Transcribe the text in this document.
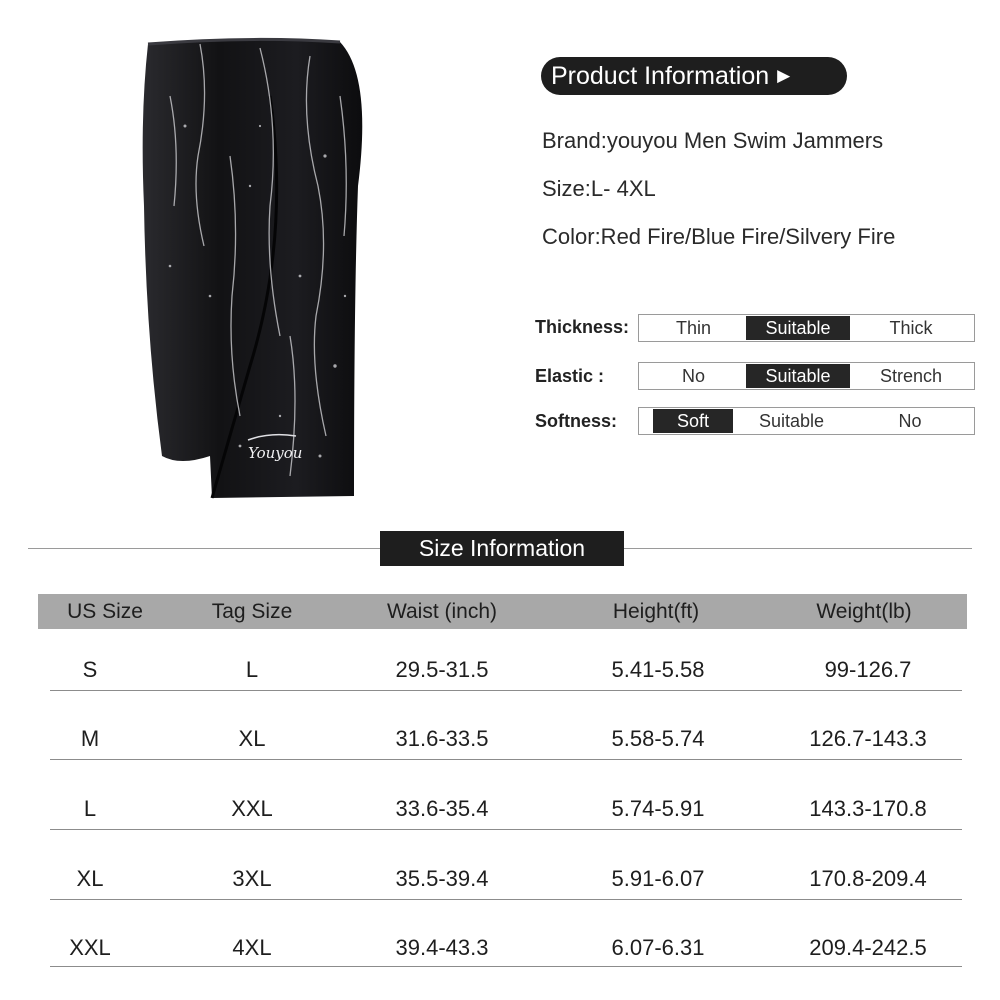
Youyou
Product Information ▶
Brand:youyou Men Swim Jammers
Size:L- 4XL
Color:Red Fire/Blue Fire/Silvery Fire
Thickness:	Thin	Suitable	Thick
Elastic :	No	Suitable	Strench
Softness:	Soft	Suitable	No
Size Information
US Size	Tag Size	Waist (inch)	Height(ft)	Weight(lb)
S	L	29.5-31.5	5.41-5.58	99-126.7
M	XL	31.6-33.5	5.58-5.74	126.7-143.3
L	XXL	33.6-35.4	5.74-5.91	143.3-170.8
XL	3XL	35.5-39.4	5.91-6.07	170.8-209.4
XXL	4XL	39.4-43.3	6.07-6.31	209.4-242.5
